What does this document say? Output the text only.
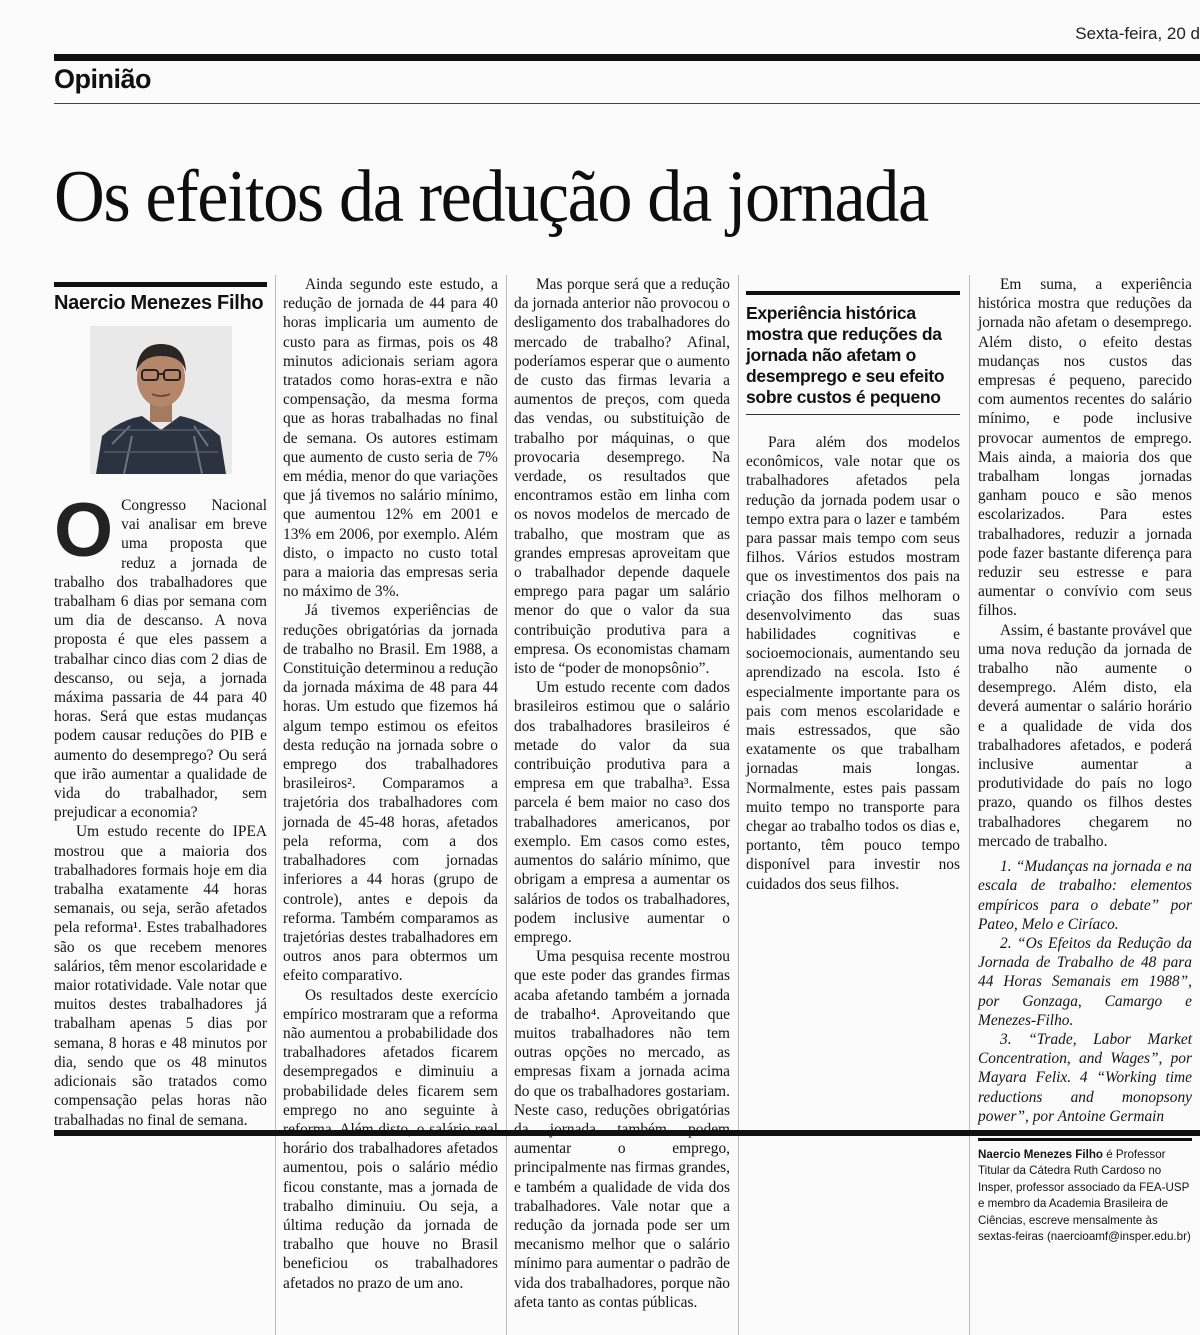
Sexta-feira, 20 d
Opinião
Os efeitos da redução da jornada
Naercio Menezes Filho

O Congresso Nacional vai analisar em breve uma proposta que reduz a jornada de trabalho dos trabalhadores que trabalham 6 dias por semana com um dia de descanso. A nova proposta é que eles passem a trabalhar cinco dias com 2 dias de descanso, ou seja, a jornada máxima passaria de 44 para 40 horas. Será que estas mudanças podem causar reduções do PIB e aumento do desemprego? Ou será que irão aumentar a qualidade de vida do trabalhador, sem prejudicar a economia?

Um estudo recente do IPEA mostrou que a maioria dos trabalhadores formais hoje em dia trabalha exatamente 44 horas semanais, ou seja, serão afetados pela reforma¹. Estes trabalhadores são os que recebem menores salários, têm menor escolaridade e maior rotatividade. Vale notar que muitos destes trabalhadores já trabalham apenas 5 dias por semana, 8 horas e 48 minutos por dia, sendo que os 48 minutos adicionais são tratados como compensação pelas horas não trabalhadas no final de semana.

Ainda segundo este estudo, a redução de jornada de 44 para 40 horas implicaria um aumento de custo para as firmas, pois os 48 minutos adicionais seriam agora tratados como horas-extra e não compensação, da mesma forma que as horas trabalhadas no final de semana. Os autores estimam que aumento de custo seria de 7% em média, menor do que variações que já tivemos no salário mínimo, que aumentou 12% em 2001 e 13% em 2006, por exemplo. Além disto, o impacto no custo total para a maioria das empresas seria no máximo de 3%.

Já tivemos experiências de reduções obrigatórias da jornada de trabalho no Brasil. Em 1988, a Constituição determinou a redução da jornada máxima de 48 para 44 horas. Um estudo que fizemos há algum tempo estimou os efeitos desta redução na jornada sobre o emprego dos trabalhadores brasileiros². Comparamos a trajetória dos trabalhadores com jornada de 45-48 horas, afetados pela reforma, com a dos trabalhadores com jornadas inferiores a 44 horas (grupo de controle), antes e depois da reforma. Também comparamos as trajetórias destes trabalhadores em outros anos para obtermos um efeito comparativo.

Os resultados deste exercício empírico mostraram que a reforma não aumentou a probabilidade dos trabalhadores afetados ficarem desempregados e diminuiu a probabilidade deles ficarem sem emprego no ano seguinte à horário dos trabalhadores afetados aumentou, pois o salário médio ficou constante, mas a jornada de trabalho diminuiu. Ou seja, a última redução da jornada de trabalho que houve no Brasil beneficiou os trabalhadores afetados no prazo de um ano.

Mas porque será que a redução da jornada anterior não provocou o desligamento dos trabalhadores do mercado de trabalho? Afinal, poderíamos esperar que o aumento de custo das firmas levaria a aumentos de preços, com queda das vendas, ou substituição de trabalho por máquinas, o que provocaria desemprego. Na verdade, os resultados que encontramos estão em linha com os novos modelos de mercado de trabalho, que mostram que as grandes empresas aproveitam que o trabalhador depende daquele emprego para pagar um salário menor do que o valor da sua contribuição produtiva para a empresa. Os economistas chamam isto de “poder de monopsônio”.

Um estudo recente com dados brasileiros estimou que o salário dos trabalhadores brasileiros é metade do valor da sua contribuição produtiva para a empresa em que trabalha³. Essa parcela é bem maior no caso dos trabalhadores americanos, por exemplo. Em casos como estes, aumentos do salário mínimo, que obrigam a empresa a aumentar os salários de todos os trabalhadores, podem inclusive aumentar o emprego.

Uma pesquisa recente mostrou que este poder das grandes firmas acaba afetando também a jornada de trabalho⁴. Aproveitando que muitos trabalhadores não tem outras opções no mercado, as empresas fixam a jornada acima do que os trabalhadores gostariam. Neste caso, reduções obrigatórias aumentar o emprego, principalmente nas firmas grandes, e também a qualidade de vida dos trabalhadores. Vale notar que a redução da jornada pode ser um mecanismo melhor que o salário mínimo para aumentar o padrão de vida dos trabalhadores, porque não afeta tanto as contas públicas.

Experiência histórica mostra que reduções da jornada não afetam o desemprego e seu efeito sobre custos é pequeno

Para além dos modelos econômicos, vale notar que os trabalhadores afetados pela redução da jornada podem usar o tempo extra para o lazer e também para passar mais tempo com seus filhos. Vários estudos mostram que os investimentos dos pais na criação dos filhos melhoram o desenvolvimento das suas habilidades cognitivas e socioemocionais, aumentando seu aprendizado na escola. Isto é especialmente importante para os pais com menos escolaridade e mais estressados, que são exatamente os que trabalham jornadas mais longas. Normalmente, estes pais passam muito tempo no transporte para chegar ao trabalho todos os dias e, portanto, têm pouco tempo disponível para investir nos cuidados dos seus filhos.

Em suma, a experiência histórica mostra que reduções da jornada não afetam o desemprego. Além disto, o efeito destas mudanças nos custos das empresas é pequeno, parecido com aumentos recentes do salário mínimo, e pode inclusive provocar aumentos de emprego. Mais ainda, a maioria dos que trabalham longas jornadas ganham pouco e são menos escolarizados. Para estes trabalhadores, reduzir a jornada pode fazer bastante diferença para reduzir seu estresse e para aumentar o convívio com seus filhos.

Assim, é bastante provável que uma nova redução da jornada de trabalho não aumente o desemprego. Além disto, ela deverá aumentar o salário horário e a qualidade de vida dos trabalhadores afetados, e poderá inclusive aumentar a produtividade do país no logo prazo, quando os filhos destes trabalhadores chegarem no mercado de trabalho.

1. “Mudanças na jornada e na escala de trabalho: elementos empíricos para o debate” por Pateo, Melo e Ciríaco.

2. “Os Efeitos da Redução da Jornada de Trabalho de 48 para 44 Horas Semanais em 1988”, por Gonzaga, Camargo e Menezes-Filho.

3. “Trade, Labor Market Concentration, and Wages”, por Mayara Felix. 4 “Working time reductions and monopsony power”, por Antoine Germain

Naercio Menezes Filho é Professor Titular da Cátedra Ruth Cardoso no Insper, professor associado da FEA-USP e membro da Academia Brasileira de Ciências, escreve mensalmente às sextas-feiras (naercioamf@insper.edu.br)
